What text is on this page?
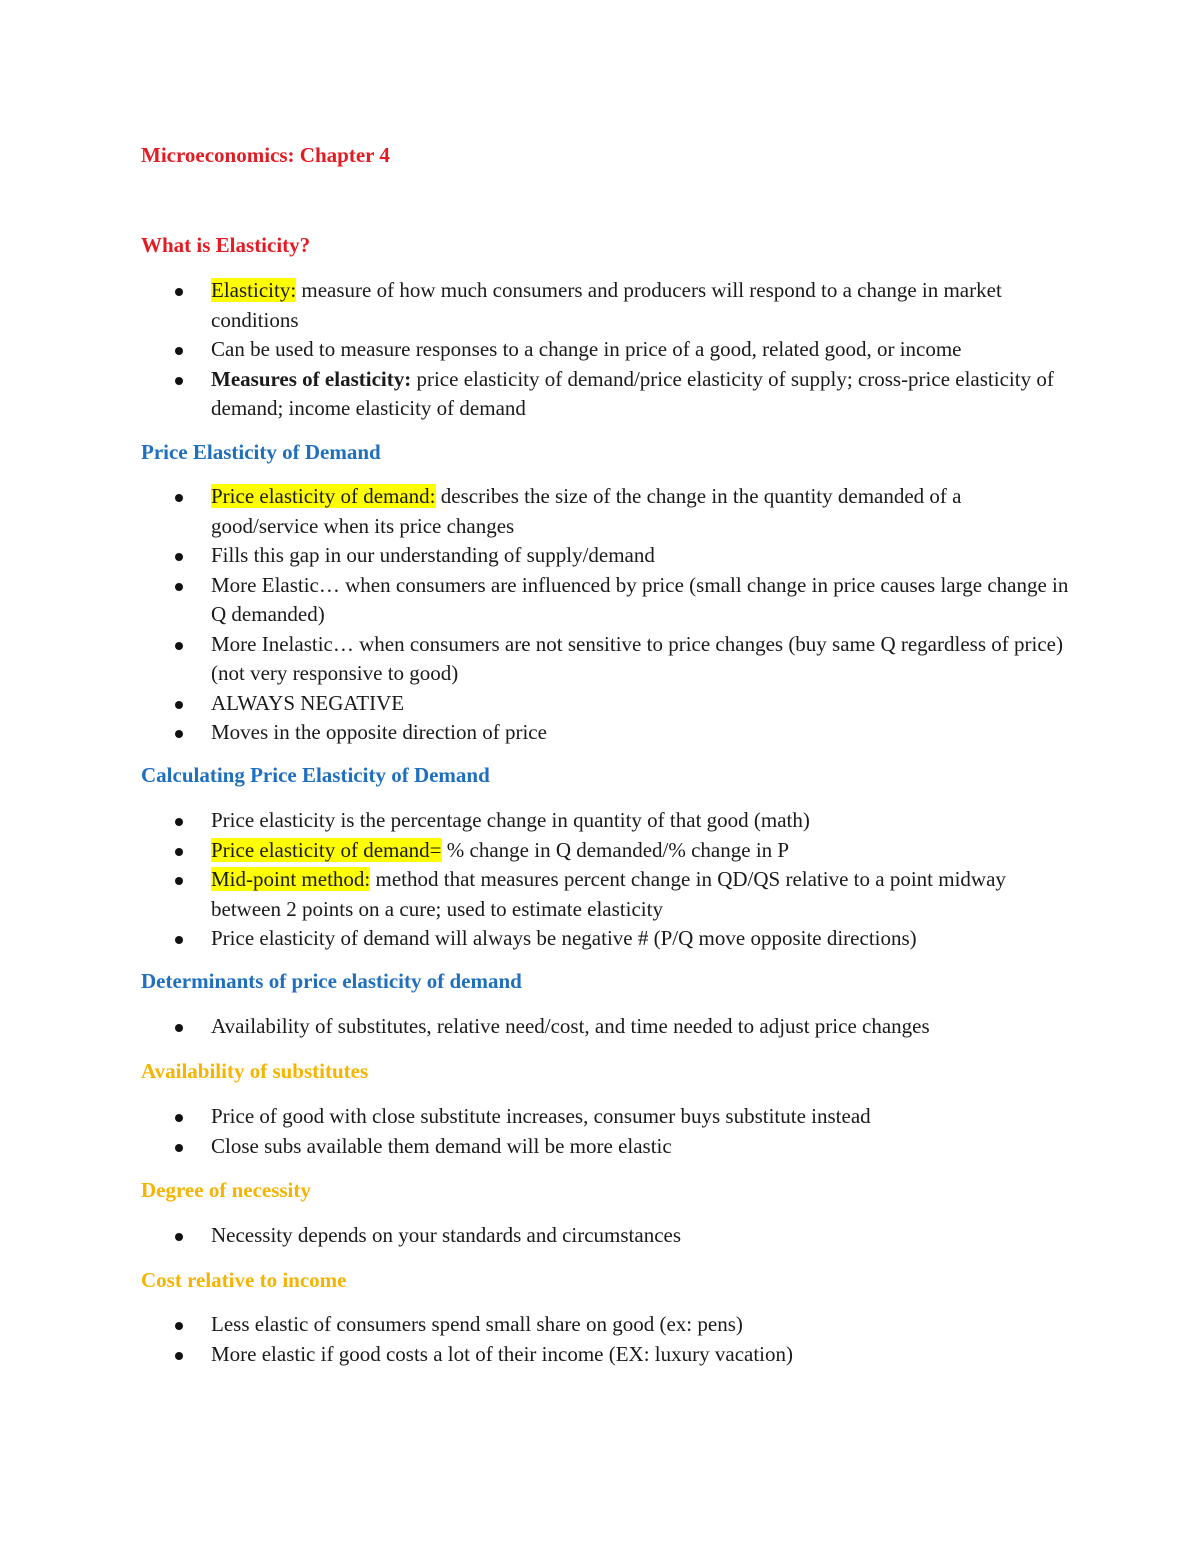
Microeconomics: Chapter 4
What is Elasticity?
Elasticity: measure of how much consumers and producers will respond to a change in market conditions
Can be used to measure responses to a change in price of a good, related good, or income
Measures of elasticity: price elasticity of demand/price elasticity of supply; cross-price elasticity of demand; income elasticity of demand
Price Elasticity of Demand
Price elasticity of demand: describes the size of the change in the quantity demanded of a good/service when its price changes
Fills this gap in our understanding of supply/demand
More Elastic… when consumers are influenced by price (small change in price causes large change in Q demanded)
More Inelastic… when consumers are not sensitive to price changes (buy same Q regardless of price) (not very responsive to good)
ALWAYS NEGATIVE
Moves in the opposite direction of price
Calculating Price Elasticity of Demand
Price elasticity is the percentage change in quantity of that good (math)
Price elasticity of demand= % change in Q demanded/% change in P
Mid-point method: method that measures percent change in QD/QS relative to a point midway between 2 points on a cure; used to estimate elasticity
Price elasticity of demand will always be negative # (P/Q move opposite directions)
Determinants of price elasticity of demand
Availability of substitutes, relative need/cost, and time needed to adjust price changes
Availability of substitutes
Price of good with close substitute increases, consumer buys substitute instead
Close subs available them demand will be more elastic
Degree of necessity
Necessity depends on your standards and circumstances
Cost relative to income
Less elastic of consumers spend small share on good (ex: pens)
More elastic if good costs a lot of their income (EX: luxury vacation)
